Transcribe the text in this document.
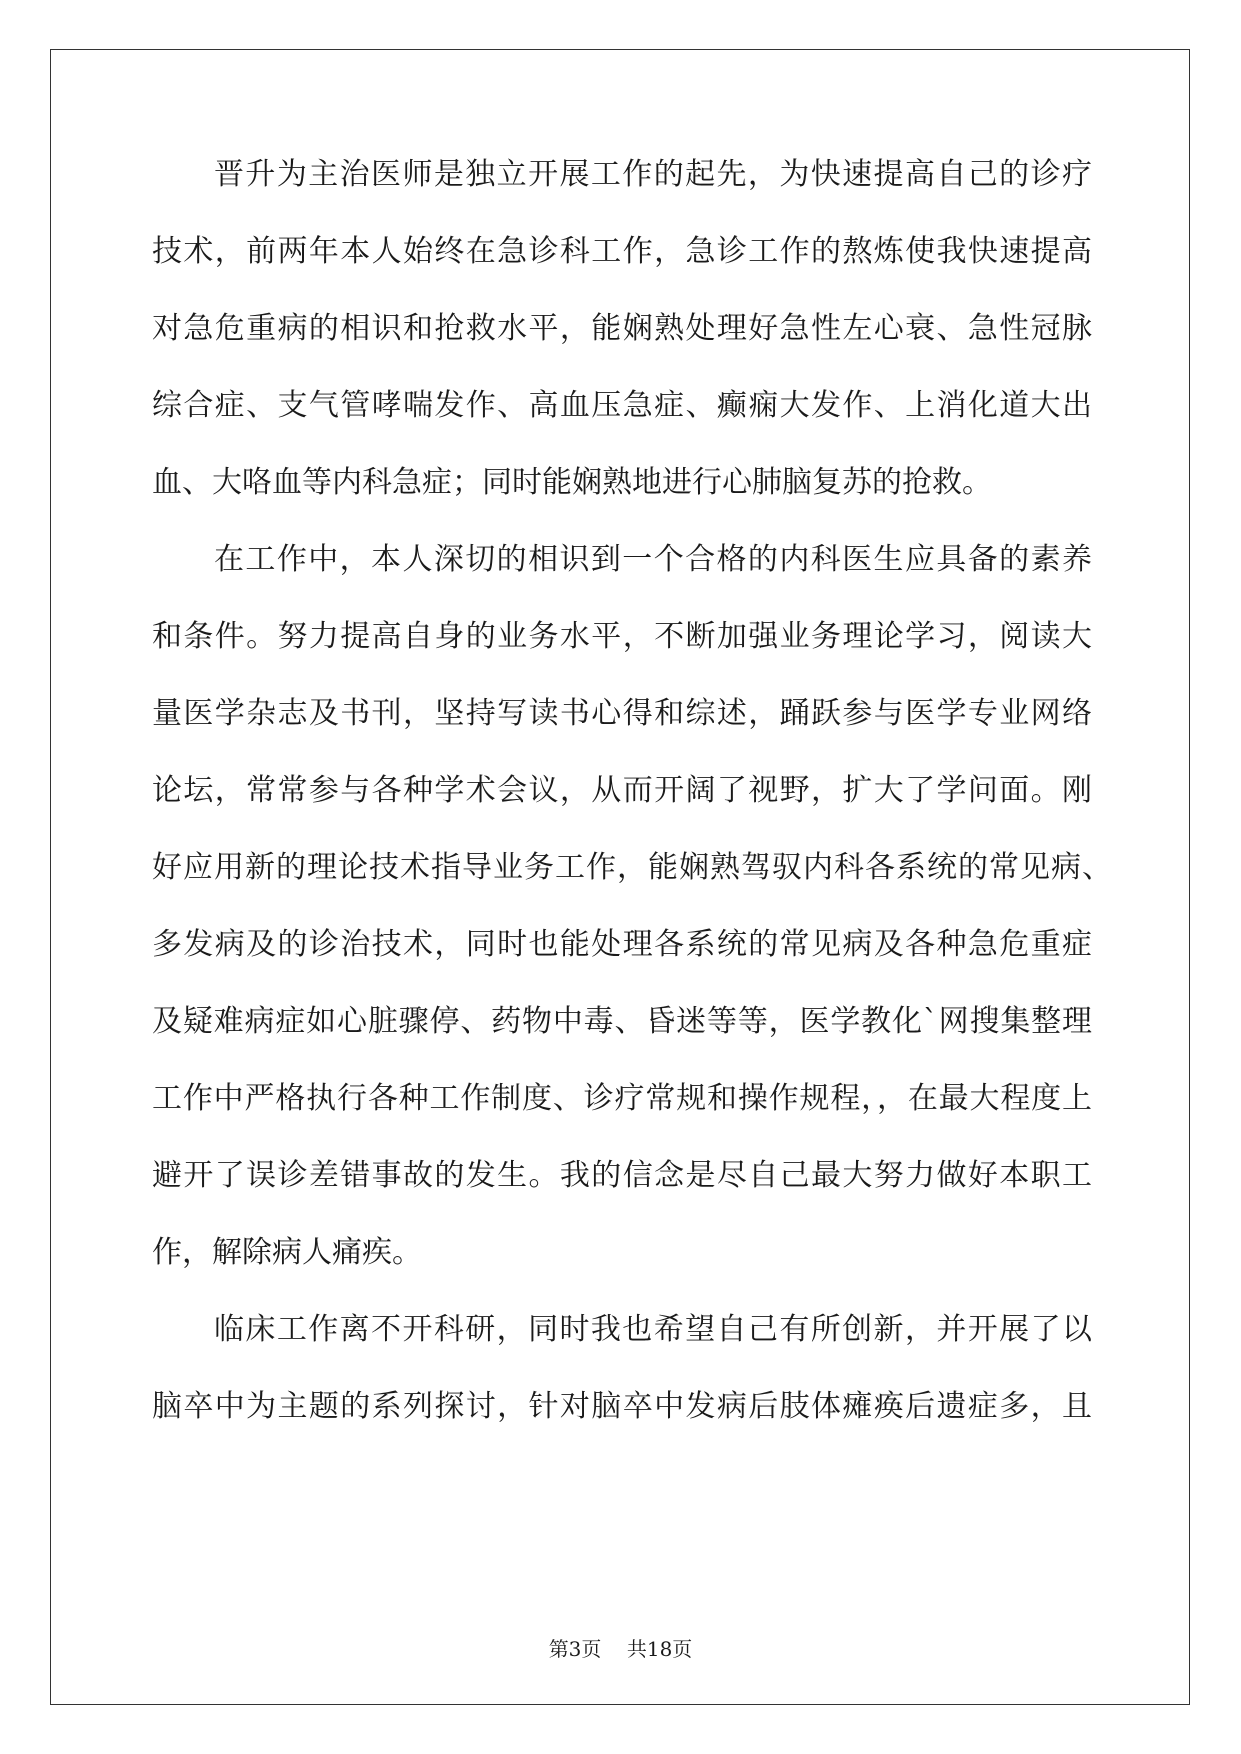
晋升为主治医师是独立开展工作的起先，为快速提高自己的诊疗
技术，前两年本人始终在急诊科工作，急诊工作的熬炼使我快速提高
对急危重病的相识和抢救水平，能娴熟处理好急性左心衰、急性冠脉
综合症、支气管哮喘发作、高血压急症、癫痫大发作、上消化道大出
血、大咯血等内科急症；同时能娴熟地进行心肺脑复苏的抢救。
在工作中，本人深切的相识到一个合格的内科医生应具备的素养
和条件。努力提高自身的业务水平，不断加强业务理论学习，阅读大
量医学杂志及书刊，坚持写读书心得和综述，踊跃参与医学专业网络
论坛，常常参与各种学术会议，从而开阔了视野，扩大了学问面。刚
好应用新的理论技术指导业务工作，能娴熟驾驭内科各系统的常见病、
多发病及的诊治技术，同时也能处理各系统的常见病及各种急危重症
及疑难病症如心脏骤停、药物中毒、昏迷等等，医学教化`网搜集整理
工作中严格执行各种工作制度、诊疗常规和操作规程，，在最大程度上
避开了误诊差错事故的发生。我的信念是尽自己最大努力做好本职工
作，解除病人痛疾。
临床工作离不开科研，同时我也希望自己有所创新，并开展了以
脑卒中为主题的系列探讨，针对脑卒中发病后肢体瘫痪后遗症多，且
第3页    共18页
